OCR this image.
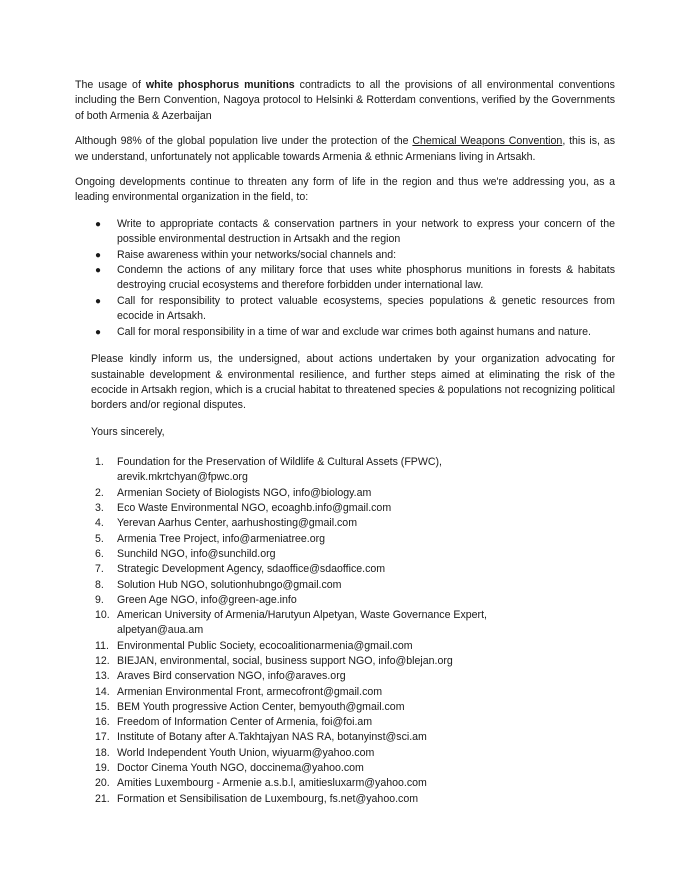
The usage of white phosphorus munitions contradicts to all the provisions of all environmental conventions including the Bern Convention, Nagoya protocol to Helsinki & Rotterdam conventions, verified by the Governments of both Armenia & Azerbaijan

Although 98% of the global population live under the protection of the Chemical Weapons Convention, this is, as we understand, unfortunately not applicable towards Armenia & ethnic Armenians living in Artsakh.

Ongoing developments continue to threaten any form of life in the region and thus we're addressing you, as a leading environmental organization in the field, to:

● Write to appropriate contacts & conservation partners in your network to express your concern of the possible environmental destruction in Artsakh and the region
● Raise awareness within your networks/social channels and:
● Condemn the actions of any military force that uses white phosphorus munitions in forests & habitats destroying crucial ecosystems and therefore forbidden under international law.
● Call for responsibility to protect valuable ecosystems, species populations & genetic resources from ecocide in Artsakh.
● Call for moral responsibility in a time of war and exclude war crimes both against humans and nature.

Please kindly inform us, the undersigned, about actions undertaken by your organization advocating for sustainable development & environmental resilience, and further steps aimed at eliminating the risk of the ecocide in Artsakh region, which is a crucial habitat to threatened species & populations not recognizing political borders and/or regional disputes.

Yours sincerely,

1. Foundation for the Preservation of Wildlife & Cultural Assets (FPWC),
arevik.mkrtchyan@fpwc.org
2. Armenian Society of Biologists NGO, info@biology.am
3. Eco Waste Environmental NGO, ecoaghb.info@gmail.com
4. Yerevan Aarhus Center, aarhushosting@gmail.com
5. Armenia Tree Project, info@armeniatree.org
6. Sunchild NGO, info@sunchild.org
7. Strategic Development Agency, sdaoffice@sdaoffice.com
8. Solution Hub NGO, solutionhubngo@gmail.com
9. Green Age NGO, info@green-age.info
10. American University of Armenia/Harutyun Alpetyan, Waste Governance Expert,
alpetyan@aua.am
11. Environmental Public Society, ecocoalitionarmenia@gmail.com
12. BIEJAN, environmental, social, business support NGO, info@blejan.org
13. Araves Bird conservation NGO, info@araves.org
14. Armenian Environmental Front, armecofront@gmail.com
15. BEM Youth progressive Action Center, bemyouth@gmail.com
16. Freedom of Information Center of Armenia, foi@foi.am
17. Institute of Botany after A.Takhtajyan NAS RA, botanyinst@sci.am
18. World Independent Youth Union, wiyuarm@yahoo.com
19. Doctor Cinema Youth NGO, doccinema@yahoo.com
20. Amities Luxembourg - Armenie a.s.b.l, amitiesluxarm@yahoo.com
21. Formation et Sensibilisation de Luxembourg, fs.net@yahoo.com
